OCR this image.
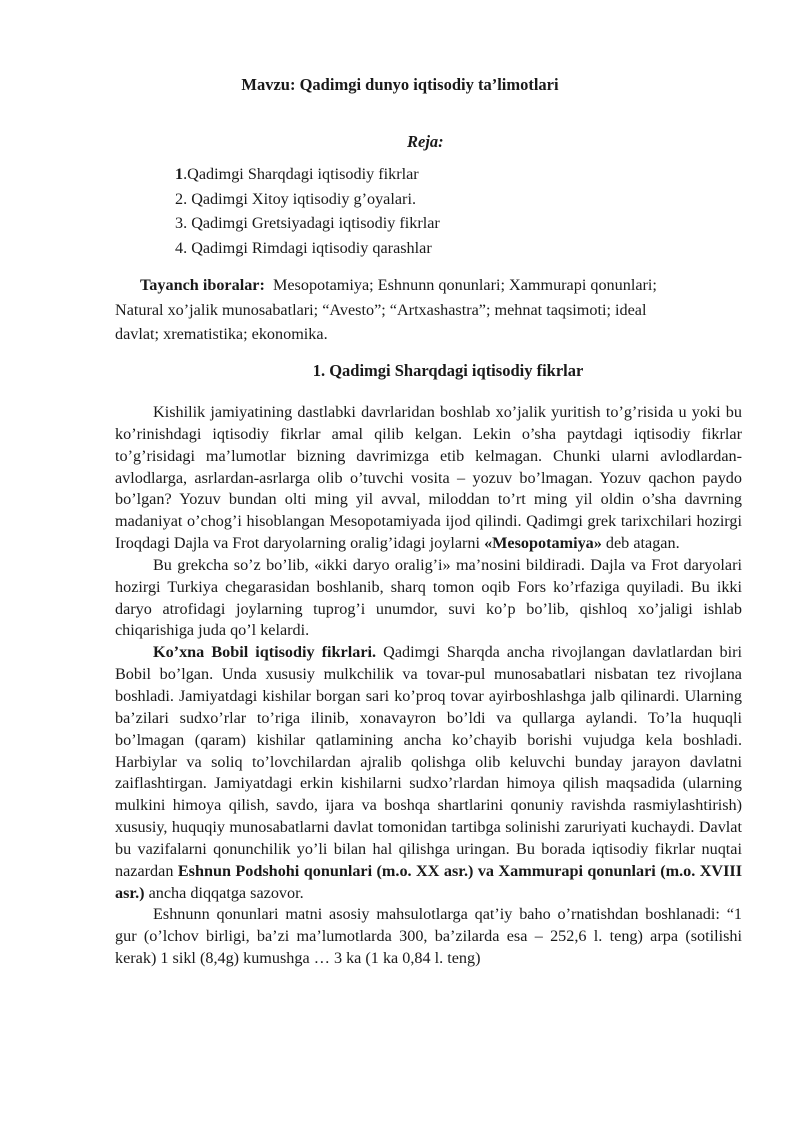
Mavzu: Qadimgi dunyo iqtisodiy ta’limotlari
Reja:
1.Qadimgi Sharqdagi iqtisodiy fikrlar
2. Qadimgi Xitoy iqtisodiy g’oyalari.
3. Qadimgi Gretsiyadagi iqtisodiy fikrlar
4. Qadimgi Rimdagi iqtisodiy qarashlar

Tayanch iboralar: Mesopotamiya; Eshnunn qonunlari; Xammurapi qonunlari; Natural xo’jalik munosabatlari; “Avesto”; “Artxashastra”; mehnat taqsimoti; ideal davlat; xrematistika; ekonomika.

1. Qadimgi Sharqdagi iqtisodiy fikrlar

Kishilik jamiyatining dastlabki davrlaridan boshlab xo’jalik yuritish to’g’risida u yoki bu ko’rinishdagi iqtisodiy fikrlar amal qilib kelgan. Lekin o’sha paytdagi iqtisodiy fikrlar to’g’risidagi ma’lumotlar bizning davrimizga etib kelmagan. Chunki ularni avlodlardan-avlodlarga, asrlardan-asrlarga olib o’tuvchi vosita – yozuv bo’lmagan. Yozuv qachon paydo bo’lgan? Yozuv bundan olti ming yil avval, miloddan to’rt ming yil oldin o’sha davrning madaniyat o’chog’i hisoblangan Mesopotamiyada ijod qilindi. Qadimgi grek tarixchilari hozirgi Iroqdagi Dajla va Frot daryolarning oralig’idagi joylarni «Mesopotamiya» deb atagan.

Bu grekcha so’z bo’lib, «ikki daryo oralig’i» ma’nosini bildiradi. Dajla va Frot daryolari hozirgi Turkiya chegarasidan boshlanib, sharq tomon oqib Fors ko’rfaziga quyiladi. Bu ikki daryo atrofidagi joylarning tuprog’i unumdor, suvi ko’p bo’lib, qishloq xo’jaligi ishlab chiqarishiga juda qo’l kelardi.

Ko’xna Bobil iqtisodiy fikrlari. Qadimgi Sharqda ancha rivojlangan davlatlardan biri Bobil bo’lgan. Unda xususiy mulkchilik va tovar-pul munosabatlari nisbatan tez rivojlana boshladi. Jamiyatdagi kishilar borgan sari ko’proq tovar ayirboshlashga jalb qilinardi. Ularning ba’zilari sudxo’rlar to’riga ilinib, xonavayron bo’ldi va qullarga aylandi. To’la huquqli bo’lmagan (qaram) kishilar qatlamining ancha ko’chayib borishi vujudga kela boshladi. Harbiylar va soliq to’lovchilardan ajralib qolishga olib keluvchi bunday jarayon davlatni zaiflashtirgan. Jamiyatdagi erkin kishilarni sudxo’rlardan himoya qilish maqsadida (ularning mulkini himoya qilish, savdo, ijara va boshqa shartlarini qonuniy ravishda rasmiylashtirish) xususiy, huquqiy munosabatlarni davlat tomonidan tartibga solinishi zaruriyati kuchaydi. Davlat bu vazifalarni qonunchilik yo’li bilan hal qilishga uringan. Bu borada iqtisodiy fikrlar nuqtai nazardan Eshnun Pоdshohi qonunlari (m.o. XX asr.) va Xammurapi qonunlari (m.o. XVIII asr.) ancha diqqatga sazovor.

Eshnunn qonunlari matni asosiy mahsulotlarga qat’iy baho o’rnatishdan boshlanadi: “1 gur (o’lchov birligi, ba’zi ma’lumotlarda 300, ba’zilarda esa – 252,6 l. teng) arpa (sotilishi kerak) 1 sikl (8,4g) kumushga … 3 ka (1 ka 0,84 l. teng)
